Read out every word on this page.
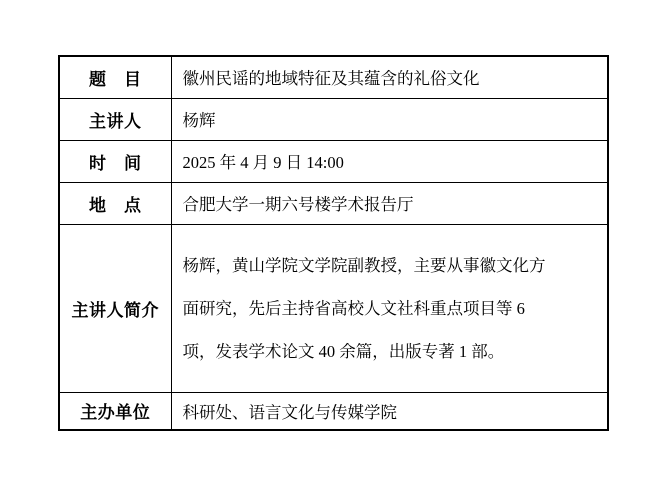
题　目	徽州民谣的地域特征及其蕴含的礼俗文化
主讲人	杨辉
时　间	2025 年 4 月 9 日 14:00
地　点	合肥大学一期六号楼学术报告厅
主讲人简介	杨辉，黄山学院文学院副教授，主要从事徽文化方
面研究，先后主持省高校人文社科重点项目等 6
项，发表学术论文 40 余篇，出版专著 1 部。

主办单位	科研处、语言文化与传媒学院
